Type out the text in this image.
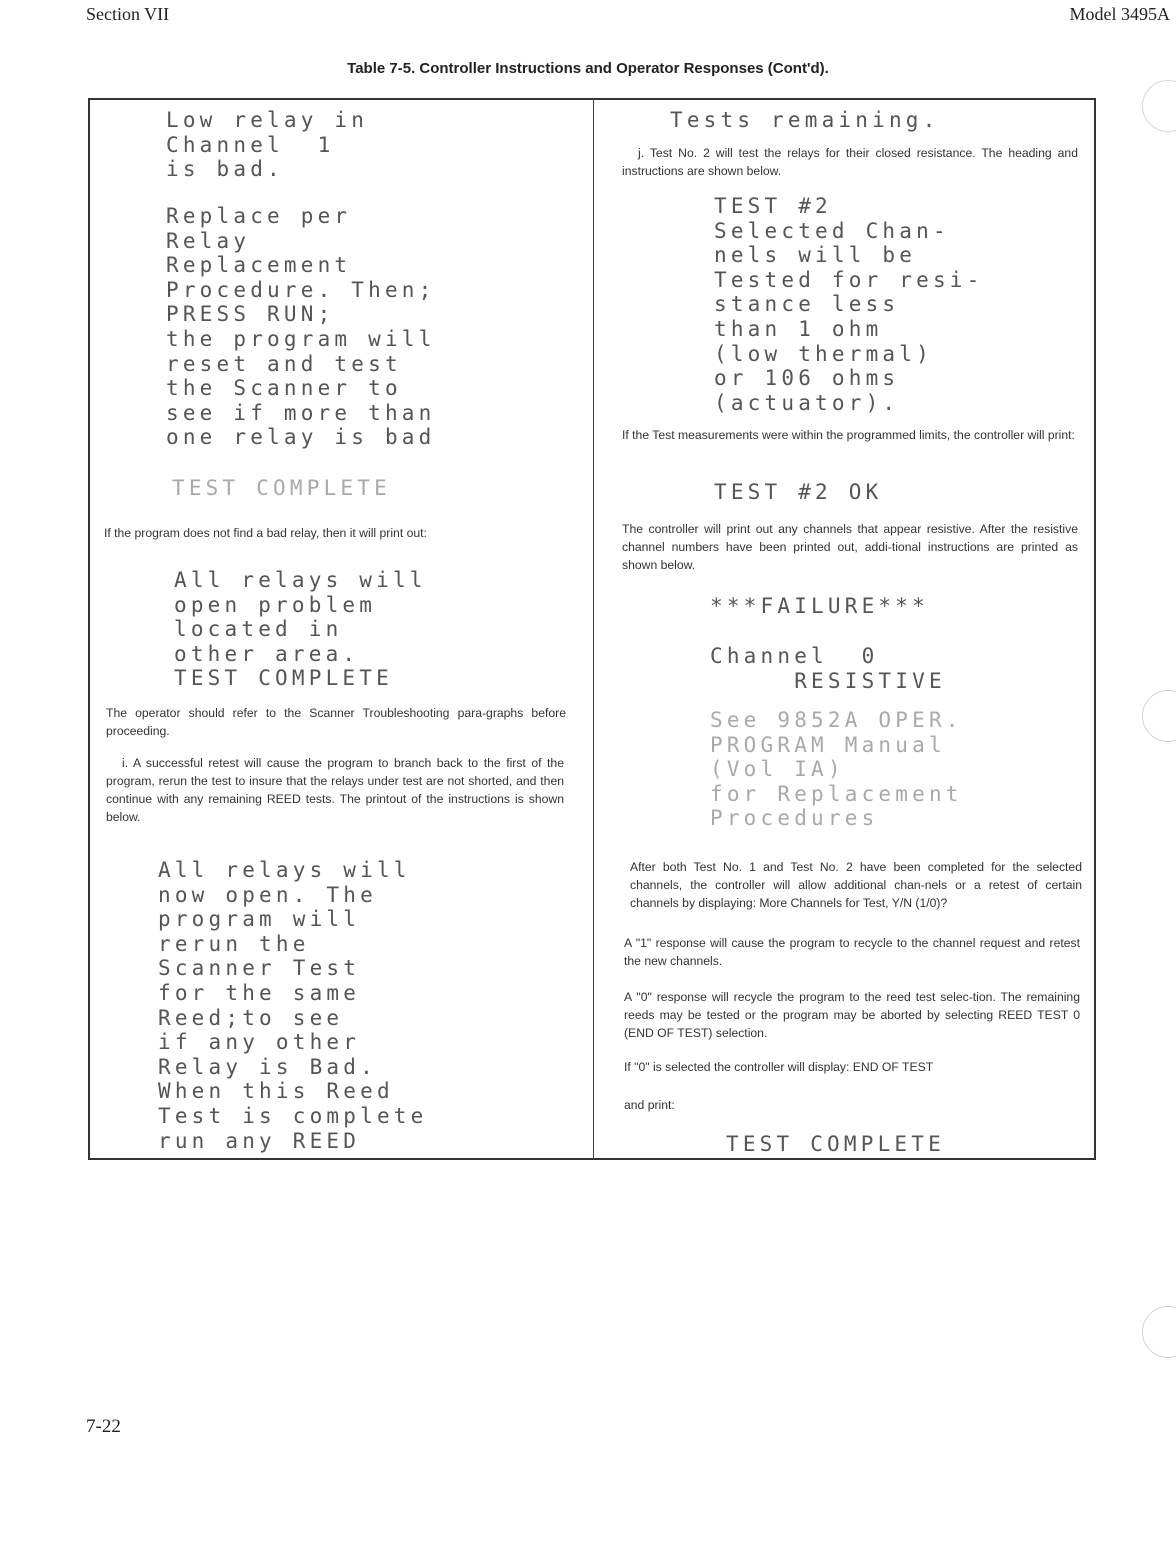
Section VII	Model 3495A
Table 7-5. Controller Instructions and Operator Responses (Cont'd).
Low relay in
Channel  1
is bad.
Replace per
Relay
Replacement
Procedure. Then;
PRESS RUN;
the program will
reset and test
the Scanner to
see if more than
one relay is bad
TEST COMPLETE

If the program does not find a bad relay, then it will print out:

All relays will
open problem
located in
other area.
TEST COMPLETE

The operator should refer to the Scanner Troubleshooting para-graphs before proceeding.

i. A successful retest will cause the program to branch back to the first of the program, rerun the test to insure that the relays under test are not shorted, and then continue with any remaining REED tests. The printout of the instructions is shown below.

All relays will
now open. The
program will
rerun the
Scanner Test
for the same
Reed;to see
if any other
Relay is Bad.
When this Reed
Test is complete
run any REED
Tests remaining.

j. Test No. 2 will test the relays for their closed resistance. The heading and instructions are shown below.

TEST #2
Selected Chan-
nels will be
Tested for resi-
stance less
than 1 ohm
(low thermal)
or 106 ohms
(actuator).

If the Test measurements were within the programmed limits, the controller will print:

TEST #2 OK

The controller will print out any channels that appear resistive. After the resistive channel numbers have been printed out, addi-tional instructions are printed as shown below.

***FAILURE***
Channel  0
RESISTIVE
See 9852A OPER.
PROGRAM Manual
(Vol IA)
for Replacement
Procedures

After both Test No. 1 and Test No. 2 have been completed for the selected channels, the controller will allow additional chan-nels or a retest of certain channels by displaying: More Channels for Test, Y/N (1/0)?

A "1" response will cause the program to recycle to the channel request and retest the new channels.

A "0" response will recycle the program to the reed test selec-tion. The remaining reeds may be tested or the program may be aborted by selecting REED TEST 0 (END OF TEST) selection.

If "0" is selected the controller will display: END OF TEST

and print:

TEST COMPLETE
7-22
